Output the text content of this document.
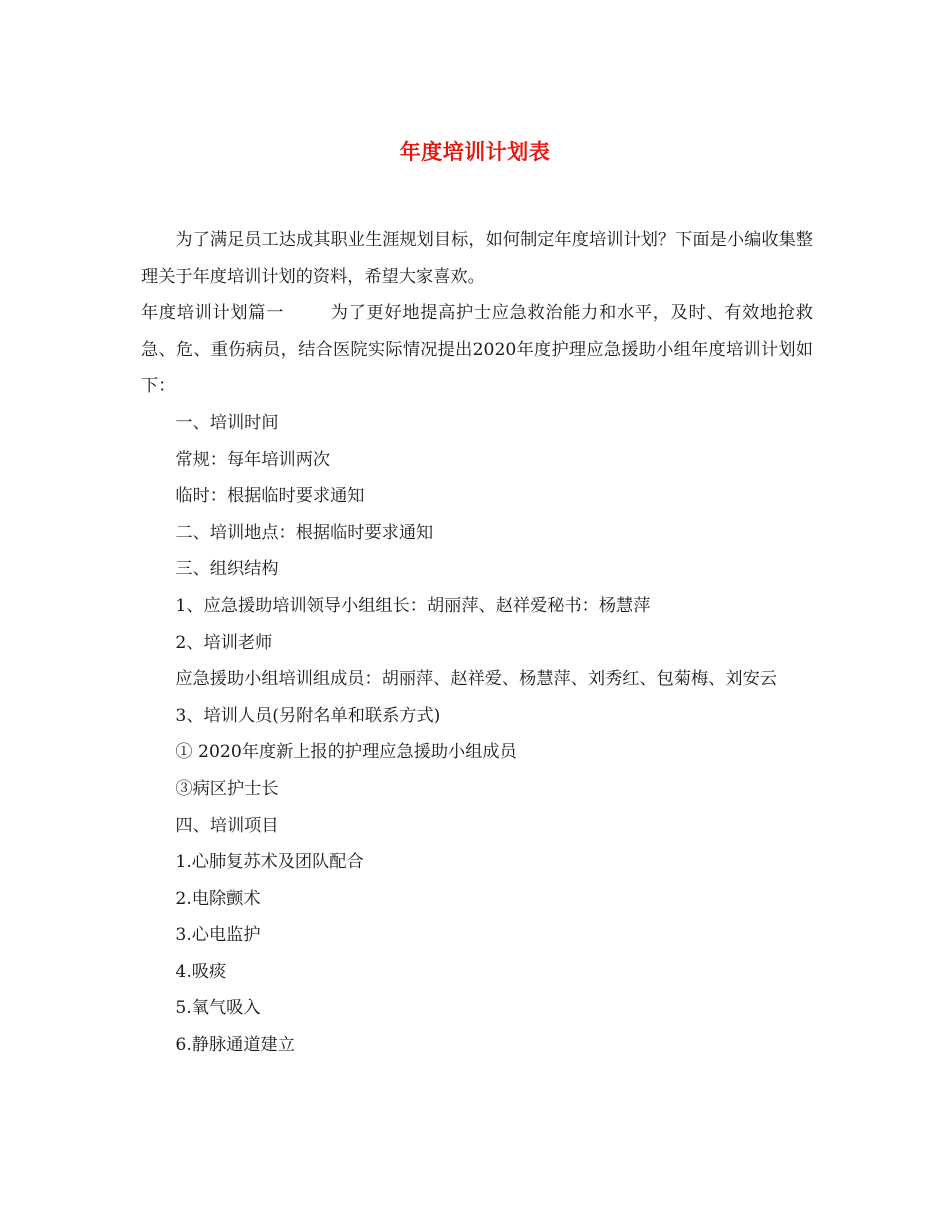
年度培训计划表

为了满足员工达成其职业生涯规划目标，如何制定年度培训计划？下面是小编收集整理关于年度培训计划的资料，希望大家喜欢。

年度培训计划篇一	为了更好地提高护士应急救治能力和水平，及时、有效地抢救急、危、重伤病员，结合医院实际情况提出2020年度护理应急援助小组年度培训计划如下：

一、培训时间

常规：每年培训两次

临时：根据临时要求通知

二、培训地点：根据临时要求通知

三、组织结构

1、应急援助培训领导小组组长：胡丽萍、赵祥爱秘书：杨慧萍

2、培训老师

应急援助小组培训组成员：胡丽萍、赵祥爱、杨慧萍、刘秀红、包菊梅、刘安云

3、培训人员(另附名单和联系方式)

① 2020年度新上报的护理应急援助小组成员

③病区护士长

四、培训项目

1.心肺复苏术及团队配合

2.电除颤术

3.心电监护

4.吸痰

5.氧气吸入

6.静脉通道建立
